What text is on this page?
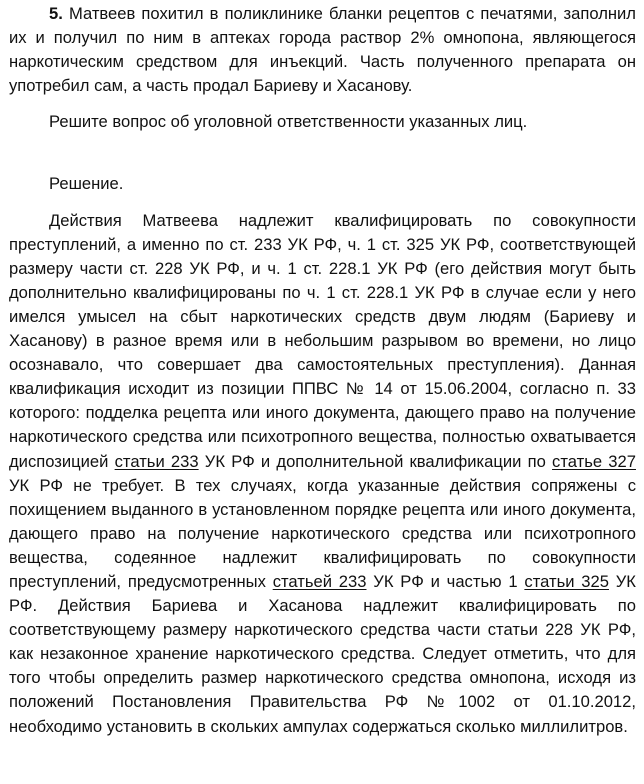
5. Матвеев похитил в поликлинике бланки рецептов с печатями, заполнил их и получил по ним в аптеках города раствор 2% омнопона, являющегося наркотическим средством для инъекций. Часть полученного препарата он употребил сам, а часть продал Бариеву и Хасанову.

Решите вопрос об уголовной ответственности указанных лиц.

Решение.

Действия Матвеева надлежит квалифицировать по совокупности преступлений, а именно по ст. 233 УК РФ, ч. 1 ст. 325 УК РФ, соответствующей размеру части ст. 228 УК РФ, и ч. 1 ст. 228.1 УК РФ (его действия могут быть дополнительно квалифицированы по ч. 1 ст. 228.1 УК РФ в случае если у него имелся умысел на сбыт наркотических средств двум людям (Бариеву и Хасанову) в разное время или в небольшим разрывом во времени, но лицо осознавало, что совершает два самостоятельных преступления). Данная квалификация исходит из позиции ППВС № 14 от 15.06.2004, согласно п. 33 которого: подделка рецепта или иного документа, дающего право на получение наркотического средства или психотропного вещества, полностью охватывается диспозицией статьи 233 УК РФ и дополнительной квалификации по статье 327 УК РФ не требует. В тех случаях, когда указанные действия сопряжены с похищением выданного в установленном порядке рецепта или иного документа, дающего право на получение наркотического средства или психотропного вещества, содеянное надлежит квалифицировать по совокупности преступлений, предусмотренных статьей 233 УК РФ и частью 1 статьи 325 УК РФ. Действия Бариева и Хасанова надлежит квалифицировать по соответствующему размеру наркотического средства части статьи 228 УК РФ, как незаконное хранение наркотического средства. Следует отметить, что для того чтобы определить размер наркотического средства омнопона, исходя из положений Постановления Правительства РФ №1002 от 01.10.2012, необходимо установить в скольких ампулах содержаться сколько миллилитров.
